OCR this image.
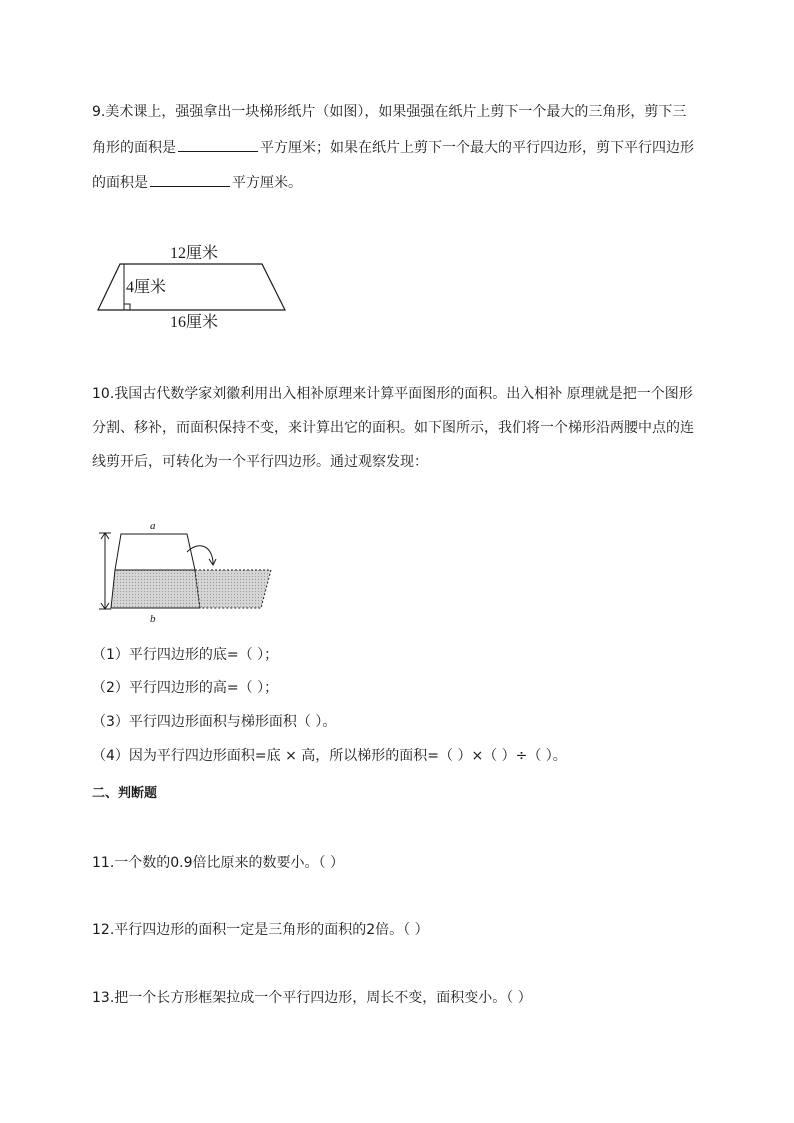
9.美术课上，强强拿出一块梯形纸片（如图），如果强强在纸片上剪下一个最大的三角形，剪下三
角形的面积是	平方厘米；如果在纸片上剪下一个最大的平行四边形，剪下平行四边形
的面积是	平方厘米。
12厘米
4厘米
16厘米
10.我国古代数学家刘徽利用出入相补原理来计算平面图形的面积。出入相补 原理就是把一个图形
分割、移补，而面积保持不变，来计算出它的面积。如下图所示，我们将一个梯形沿两腰中点的连
线剪开后，可转化为一个平行四边形。通过观察发现：
a
b
（1）平行四边形的底=（ ）；
（2）平行四边形的高=（ ）；
（3）平行四边形面积与梯形面积（ ）。
（4）因为平行四边形面积=底 × 高，所以梯形的面积=（ ）×（ ）÷（ ）。
二、判断题
11.一个数的0.9倍比原来的数要小。（ ）
12.平行四边形的面积一定是三角形的面积的2倍。（ ）
13.把一个长方形框架拉成一个平行四边形，周长不变，面积变小。（ ）
